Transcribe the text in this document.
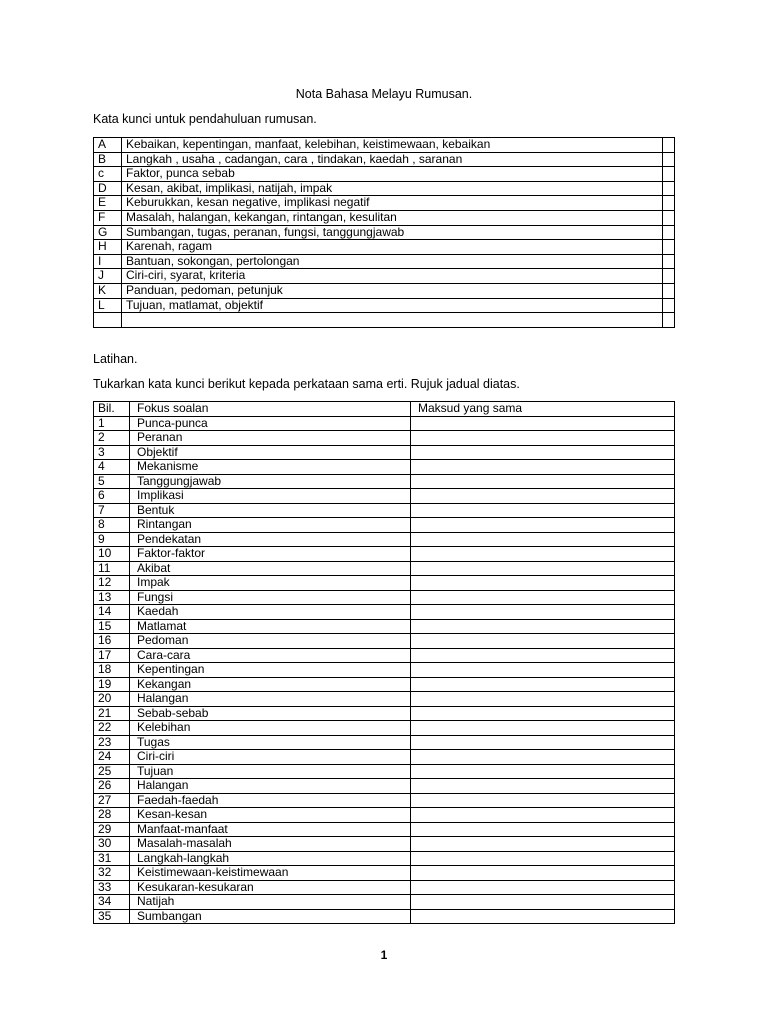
Nota Bahasa Melayu Rumusan.
Kata kunci untuk pendahuluan rumusan.
A	Kebaikan, kepentingan, manfaat, kelebihan, keistimewaan, kebaikan	
B	Langkah , usaha , cadangan, cara , tindakan, kaedah , saranan	
c	Faktor, punca sebab	
D	Kesan, akibat, implikasi, natijah, impak	
E	Keburukkan, kesan negative, implikasi negatif	
F	Masalah, halangan, kekangan, rintangan, kesulitan	
G	Sumbangan, tugas, peranan, fungsi, tanggungjawab	
H	Karenah, ragam	
I	Bantuan, sokongan, pertolongan	
J	Ciri-ciri, syarat, kriteria	
K	Panduan, pedoman, petunjuk	
L	Tujuan, matlamat, objektif	

Latihan.
Tukarkan kata kunci berikut kepada perkataan sama erti. Rujuk jadual diatas.
Bil.	Fokus soalan	Maksud yang sama
1	Punca-punca	
2	Peranan	
3	Objektif	
4	Mekanisme	
5	Tanggungjawab	
6	Implikasi	
7	Bentuk	
8	Rintangan	
9	Pendekatan	
10	Faktor-faktor	
11	Akibat	
12	Impak	
13	Fungsi	
14	Kaedah	
15	Matlamat	
16	Pedoman	
17	Cara-cara	
18	Kepentingan	
19	Kekangan	
20	Halangan	
21	Sebab-sebab	
22	Kelebihan	
23	Tugas	
24	Ciri-ciri	
25	Tujuan	
26	Halangan	
27	Faedah-faedah	
28	Kesan-kesan	
29	Manfaat-manfaat	
30	Masalah-masalah	
31	Langkah-langkah	
32	Keistimewaan-keistimewaan	
33	Kesukaran-kesukaran	
34	Natijah	
35	Sumbangan	
1
